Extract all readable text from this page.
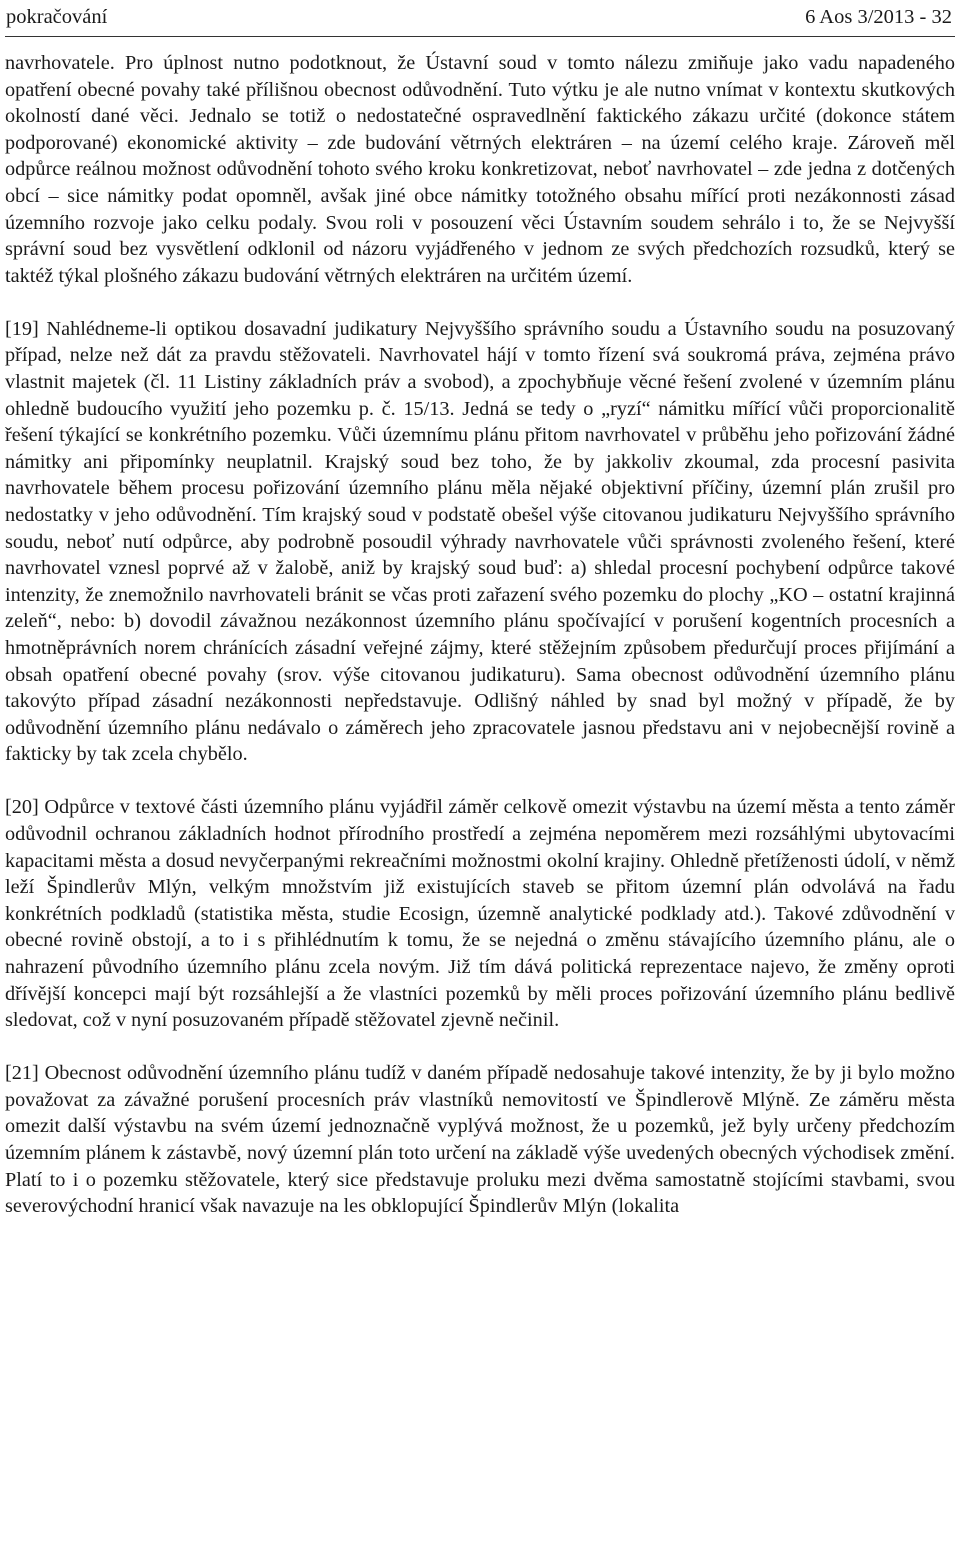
pokračování	6 Aos 3/2013 - 32

navrhovatele. Pro úplnost nutno podotknout, že Ústavní soud v tomto nálezu zmiňuje jako vadu napadeného opatření obecné povahy také přílišnou obecnost odůvodnění. Tuto výtku je ale nutno vnímat v kontextu skutkových okolností dané věci. Jednalo se totiž o nedostatečné ospravedlnění faktického zákazu určité (dokonce státem podporované) ekonomické aktivity – zde budování větrných elektráren – na území celého kraje. Zároveň měl odpůrce reálnou možnost odůvodnění tohoto svého kroku konkretizovat, neboť navrhovatel – zde jedna z dotčených obcí – sice námitky podat opomněl, avšak jiné obce námitky totožného obsahu mířící proti nezákonnosti zásad územního rozvoje jako celku podaly. Svou roli v posouzení věci Ústavním soudem sehrálo i to, že se Nejvyšší správní soud bez vysvětlení odklonil od názoru vyjádřeného v jednom ze svých předchozích rozsudků, který se taktéž týkal plošného zákazu budování větrných elektráren na určitém území.

[19] Nahlédneme-li optikou dosavadní judikatury Nejvyššího správního soudu a Ústavního soudu na posuzovaný případ, nelze než dát za pravdu stěžovateli. Navrhovatel hájí v tomto řízení svá soukromá práva, zejména právo vlastnit majetek (čl. 11 Listiny základních práv a svobod), a zpochybňuje věcné řešení zvolené v územním plánu ohledně budoucího využití jeho pozemku p. č. 15/13. Jedná se tedy o „ryzí“ námitku mířící vůči proporcionalitě řešení týkající se konkrétního pozemku. Vůči územnímu plánu přitom navrhovatel v průběhu jeho pořizování žádné námitky ani připomínky neuplatnil. Krajský soud bez toho, že by jakkoliv zkoumal, zda procesní pasivita navrhovatele během procesu pořizování územního plánu měla nějaké objektivní příčiny, územní plán zrušil pro nedostatky v jeho odůvodnění. Tím krajský soud v podstatě obešel výše citovanou judikaturu Nejvyššího správního soudu, neboť nutí odpůrce, aby podrobně posoudil výhrady navrhovatele vůči správnosti zvoleného řešení, které navrhovatel vznesl poprvé až v žalobě, aniž by krajský soud buď: a) shledal procesní pochybení odpůrce takové intenzity, že znemožnilo navrhovateli bránit se včas proti zařazení svého pozemku do plochy „KO – ostatní krajinná zeleň“, nebo: b) dovodil závažnou nezákonnost územního plánu spočívající v porušení kogentních procesních a hmotněprávních norem chránících zásadní veřejné zájmy, které stěžejním způsobem předurčují proces přijímání a obsah opatření obecné povahy (srov. výše citovanou judikaturu). Sama obecnost odůvodnění územního plánu takovýto případ zásadní nezákonnosti nepředstavuje. Odlišný náhled by snad byl možný v případě, že by odůvodnění územního plánu nedávalo o záměrech jeho zpracovatele jasnou představu ani v nejobecnější rovině a fakticky by tak zcela chybělo.

[20] Odpůrce v textové části územního plánu vyjádřil záměr celkově omezit výstavbu na území města a tento záměr odůvodnil ochranou základních hodnot přírodního prostředí a zejména nepoměrem mezi rozsáhlými ubytovacími kapacitami města a dosud nevyčerpanými rekreačními možnostmi okolní krajiny. Ohledně přetíženosti údolí, v němž leží Špindlerův Mlýn, velkým množstvím již existujících staveb se přitom územní plán odvolává na řadu konkrétních podkladů (statistika města, studie Ecosign, územně analytické podklady atd.). Takové zdůvodnění v obecné rovině obstojí, a to i s přihlédnutím k tomu, že se nejedná o změnu stávajícího územního plánu, ale o nahrazení původního územního plánu zcela novým. Již tím dává politická reprezentace najevo, že změny oproti dřívější koncepci mají být rozsáhlejší a že vlastníci pozemků by měli proces pořizování územního plánu bedlivě sledovat, což v nyní posuzovaném případě stěžovatel zjevně nečinil.

[21] Obecnost odůvodnění územního plánu tudíž v daném případě nedosahuje takové intenzity, že by ji bylo možno považovat za závažné porušení procesních práv vlastníků nemovitostí ve Špindlerově Mlýně. Ze záměru města omezit další výstavbu na svém území jednoznačně vyplývá možnost, že u pozemků, jež byly určeny předchozím územním plánem k zástavbě, nový územní plán toto určení na základě výše uvedených obecných východisek změní. Platí to i o pozemku stěžovatele, který sice představuje proluku mezi dvěma samostatně stojícími stavbami, svou severovýchodní hranicí však navazuje na les obklopující Špindlerův Mlýn (lokalita
